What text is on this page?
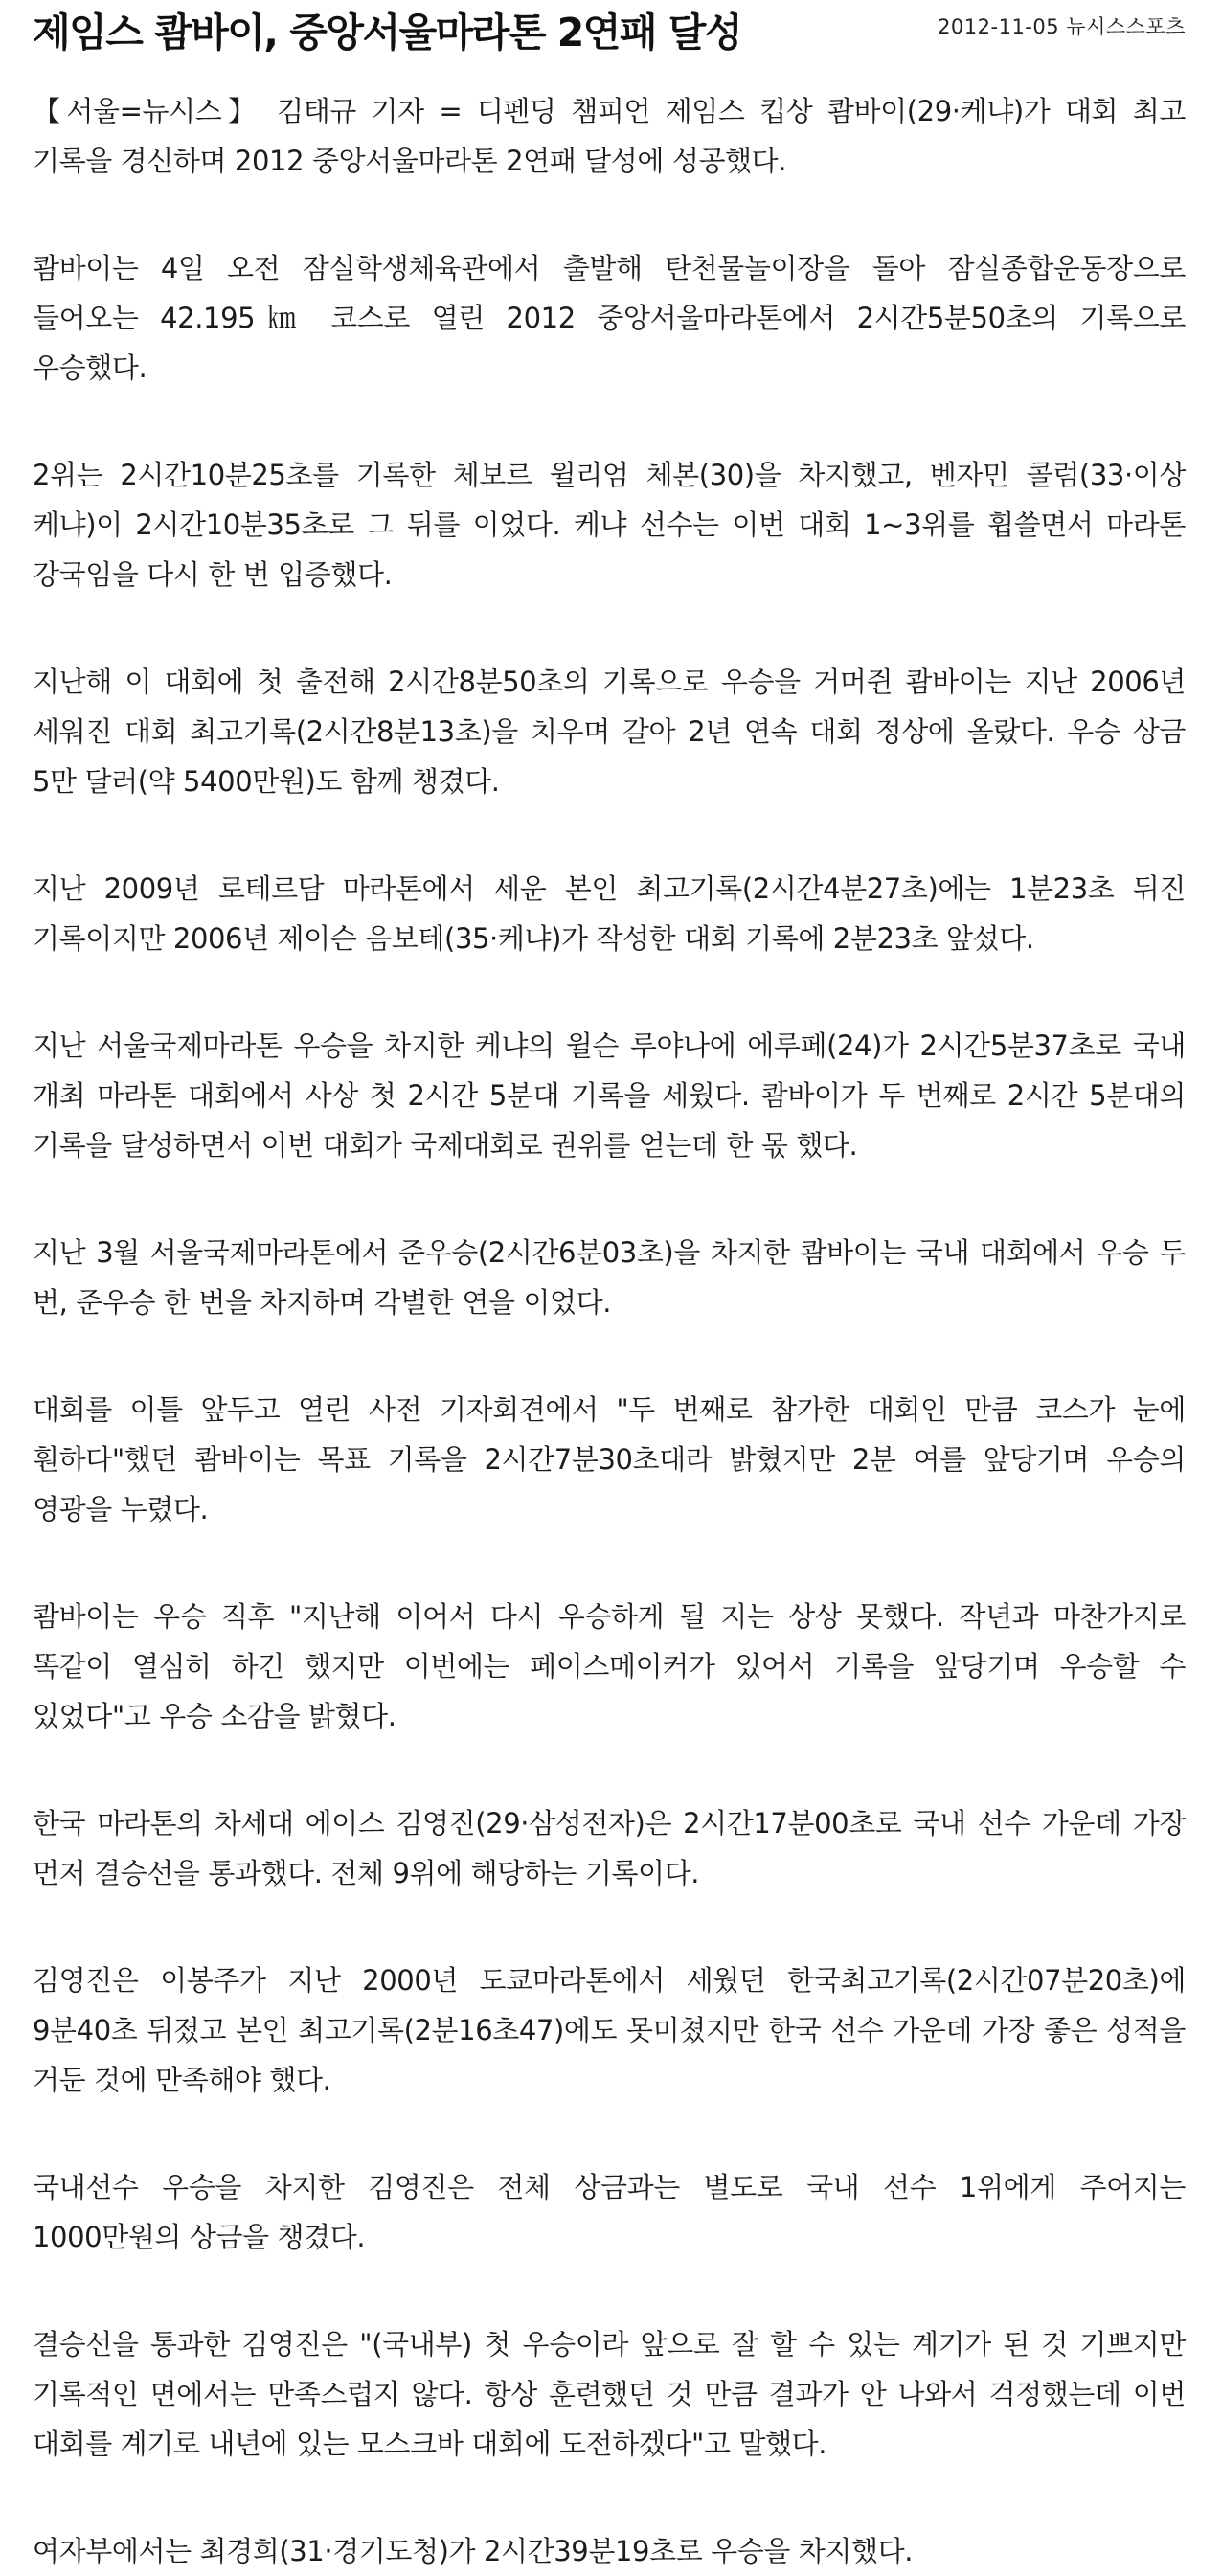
제임스 쾀바이, 중앙서울마라톤 2연패 달성	2012-11-05 뉴시스스포츠

【서울=뉴시스】 김태규 기자 = 디펜딩 챔피언 제임스 킵상 쾀바이(29·케냐)가 대회 최고 기록을 경신하며 2012 중앙서울마라톤 2연패 달성에 성공했다.

쾀바이는 4일 오전 잠실학생체육관에서 출발해 탄천물놀이장을 돌아 잠실종합운동장으로 들어오는 42.195㎞ 코스로 열린 2012 중앙서울마라톤에서 2시간5분50초의 기록으로 우승했다.

2위는 2시간10분25초를 기록한 체보르 윌리엄 체본(30)을 차지했고, 벤자민 콜럼(33·이상 케냐)이 2시간10분35초로 그 뒤를 이었다. 케냐 선수는 이번 대회 1~3위를 휩쓸면서 마라톤 강국임을 다시 한 번 입증했다.

지난해 이 대회에 첫 출전해 2시간8분50초의 기록으로 우승을 거머쥔 쾀바이는 지난 2006년 세워진 대회 최고기록(2시간8분13초)을 치우며 갈아 2년 연속 대회 정상에 올랐다. 우승 상금 5만 달러(약 5400만원)도 함께 챙겼다.

지난 2009년 로테르담 마라톤에서 세운 본인 최고기록(2시간4분27초)에는 1분23초 뒤진 기록이지만 2006년 제이슨 음보테(35·케냐)가 작성한 대회 기록에 2분23초 앞섰다.

지난 서울국제마라톤 우승을 차지한 케냐의 윌슨 루야나에 에루페(24)가 2시간5분37초로 국내 개최 마라톤 대회에서 사상 첫 2시간 5분대 기록을 세웠다. 쾀바이가 두 번째로 2시간 5분대의 기록을 달성하면서 이번 대회가 국제대회로 권위를 얻는데 한 몫 했다.

지난 3월 서울국제마라톤에서 준우승(2시간6분03초)을 차지한 쾀바이는 국내 대회에서 우승 두 번, 준우승 한 번을 차지하며 각별한 연을 이었다.

대회를 이틀 앞두고 열린 사전 기자회견에서 "두 번째로 참가한 대회인 만큼 코스가 눈에 훤하다"했던 쾀바이는 목표 기록을 2시간7분30초대라 밝혔지만 2분 여를 앞당기며 우승의 영광을 누렸다.

쾀바이는 우승 직후 "지난해 이어서 다시 우승하게 될 지는 상상 못했다. 작년과 마찬가지로 똑같이 열심히 하긴 했지만 이번에는 페이스메이커가 있어서 기록을 앞당기며 우승할 수 있었다"고 우승 소감을 밝혔다.

한국 마라톤의 차세대 에이스 김영진(29·삼성전자)은 2시간17분00초로 국내 선수 가운데 가장 먼저 결승선을 통과했다. 전체 9위에 해당하는 기록이다.

김영진은 이봉주가 지난 2000년 도쿄마라톤에서 세웠던 한국최고기록(2시간07분20초)에 9분40초 뒤졌고 본인 최고기록(2분16초47)에도 못미쳤지만 한국 선수 가운데 가장 좋은 성적을 거둔 것에 만족해야 했다.

국내선수 우승을 차지한 김영진은 전체 상금과는 별도로 국내 선수 1위에게 주어지는 1000만원의 상금을 챙겼다.

결승선을 통과한 김영진은 "(국내부) 첫 우승이라 앞으로 잘 할 수 있는 계기가 된 것 기쁘지만 기록적인 면에서는 만족스럽지 않다. 항상 훈련했던 것 만큼 결과가 안 나와서 걱정했는데 이번 대회를 계기로 내년에 있는 모스크바 대회에 도전하겠다"고 말했다.

여자부에서는 최경희(31·경기도청)가 2시간39분19초로 우승을 차지했다.
